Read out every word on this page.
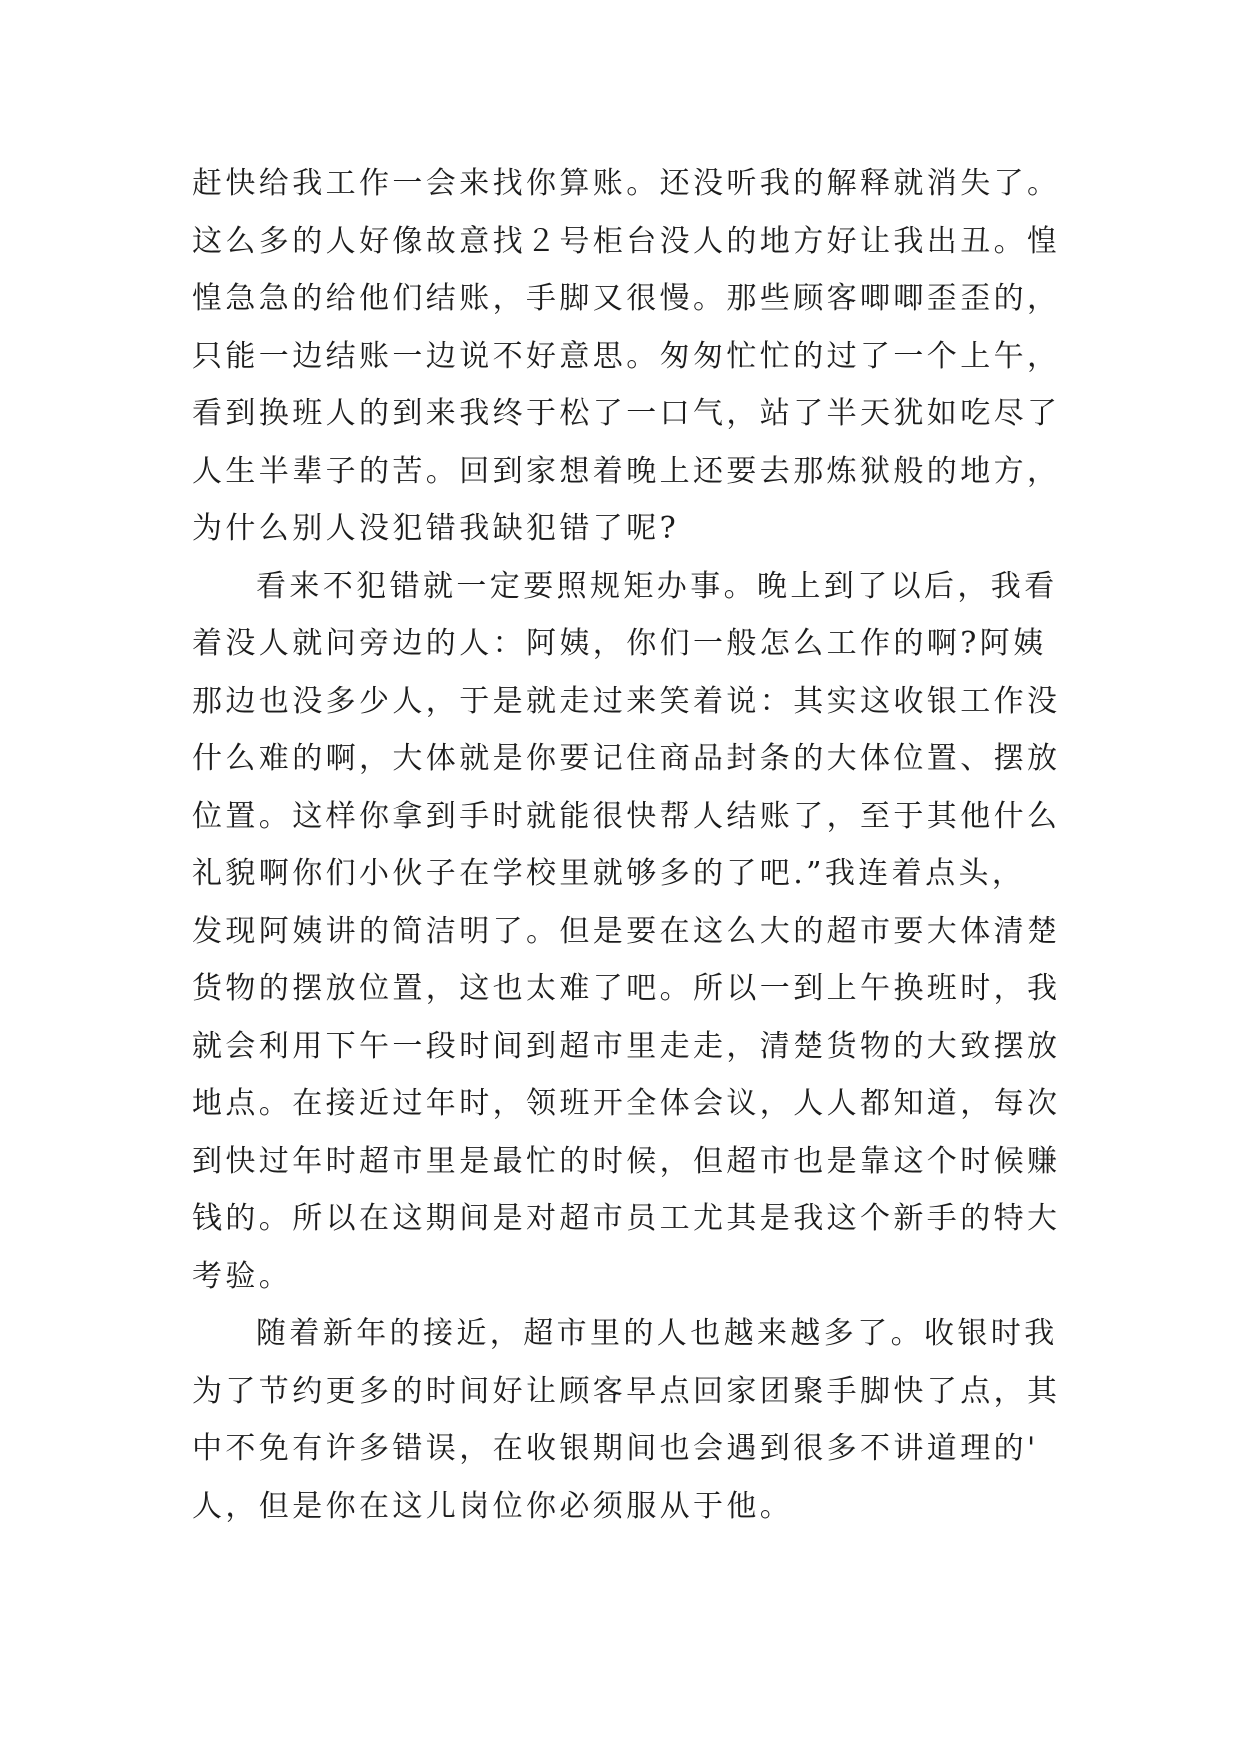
赶快给我工作一会来找你算账。还没听我的解释就消失了。
这么多的人好像故意找２号柜台没人的地方好让我出丑。惶
惶急急的给他们结账，手脚又很慢。那些顾客唧唧歪歪的，
只能一边结账一边说不好意思。匆匆忙忙的过了一个上午，
看到换班人的到来我终于松了一口气，站了半天犹如吃尽了
人生半辈子的苦。回到家想着晚上还要去那炼狱般的地方，
为什么别人没犯错我缺犯错了呢?
看来不犯错就一定要照规矩办事。晚上到了以后，我看
着没人就问旁边的人：阿姨，你们一般怎么工作的啊?阿姨
那边也没多少人，于是就走过来笑着说：其实这收银工作没
什么难的啊，大体就是你要记住商品封条的大体位置、摆放
位置。这样你拿到手时就能很快帮人结账了，至于其他什么
礼貌啊你们小伙子在学校里就够多的了吧.”我连着点头，
发现阿姨讲的简洁明了。但是要在这么大的超市要大体清楚
货物的摆放位置，这也太难了吧。所以一到上午换班时，我
就会利用下午一段时间到超市里走走，清楚货物的大致摆放
地点。在接近过年时，领班开全体会议，人人都知道，每次
到快过年时超市里是最忙的时候，但超市也是靠这个时候赚
钱的。所以在这期间是对超市员工尤其是我这个新手的特大
考验。
随着新年的接近，超市里的人也越来越多了。收银时我
为了节约更多的时间好让顾客早点回家团聚手脚快了点，其
中不免有许多错误，在收银期间也会遇到很多不讲道理的'
人，但是你在这儿岗位你必须服从于他。
